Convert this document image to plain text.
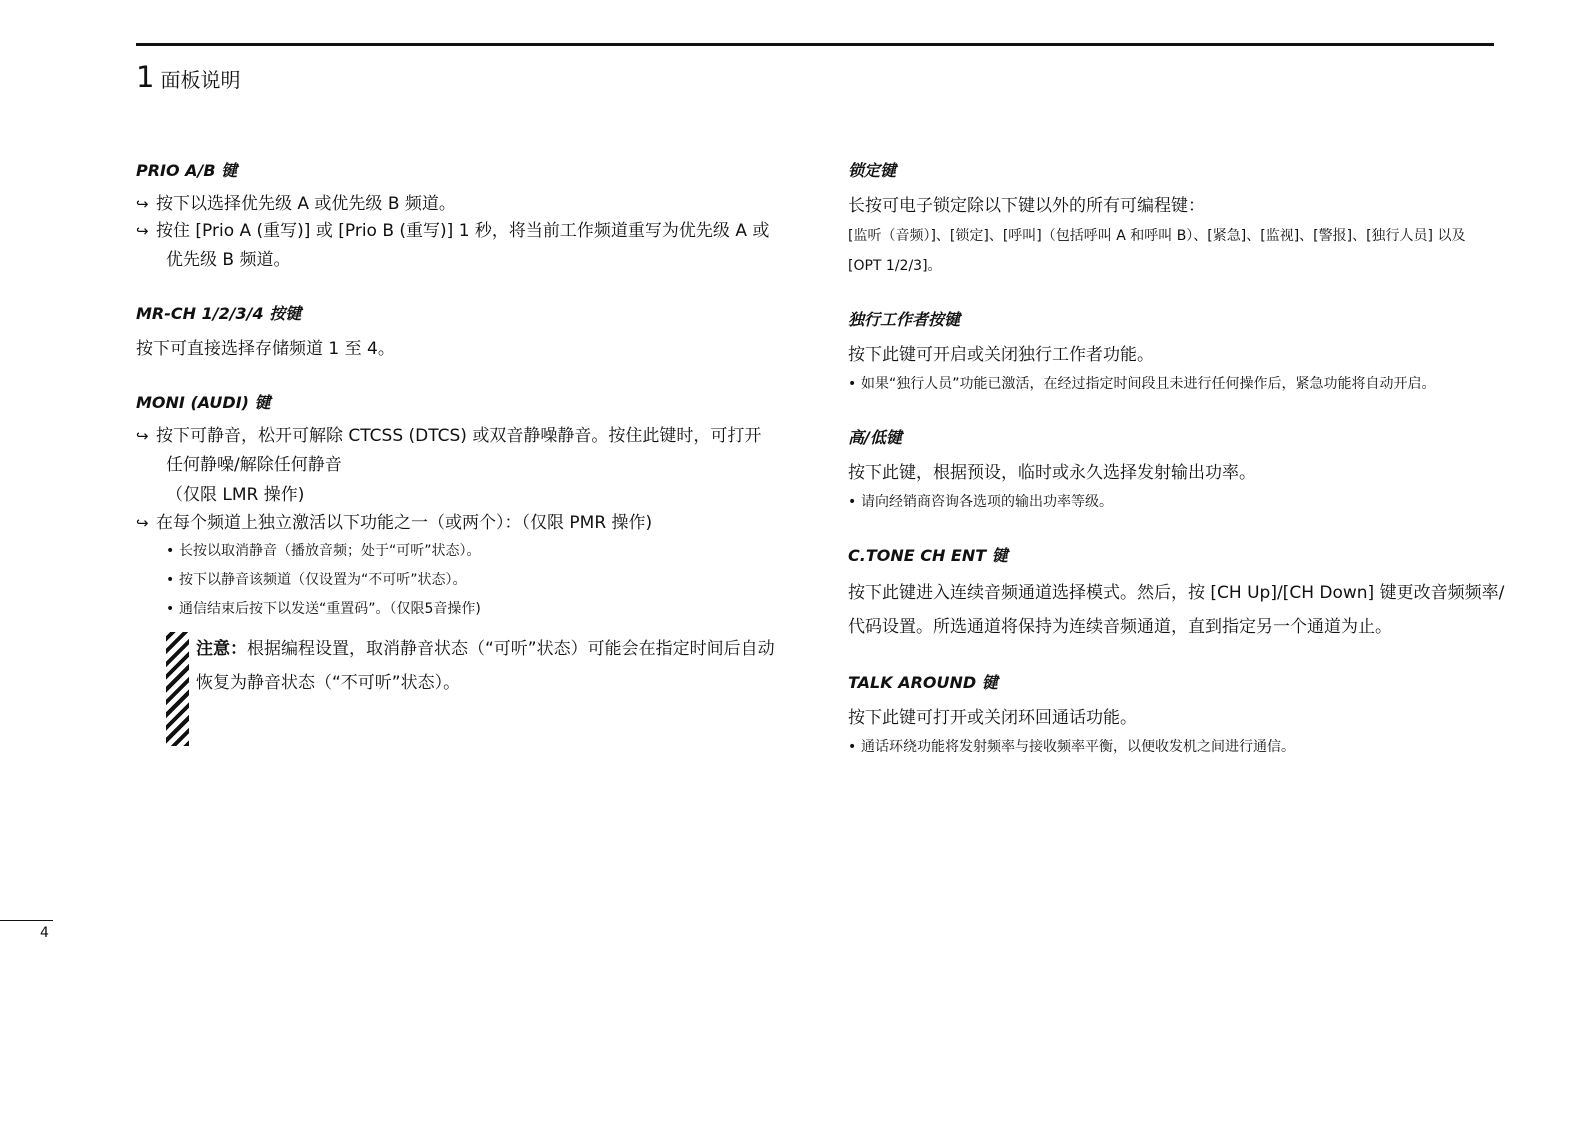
1 面板说明
PRIO A/B 键
↪ 按下以选择优先级 A 或优先级 B 频道。
↪ 按住 [Prio A (重写)] 或 [Prio B (重写)] 1 秒，将当前工作频道重写为优先级 A 或
优先级 B 频道。
MR-CH 1/2/3/4 按键
按下可直接选择存储频道 1 至 4。
MONI (AUDI) 键
↪ 按下可静音，松开可解除 CTCSS (DTCS) 或双音静噪静音。按住此键时，可打开
任何静噪/解除任何静音
（仅限 LMR 操作)
↪ 在每个频道上独立激活以下功能之一（或两个）：（仅限 PMR 操作)
• 长按以取消静音（播放音频；处于“可听”状态）。
• 按下以静音该频道（仅设置为“不可听”状态）。
• 通信结束后按下以发送“重置码”。（仅限5音操作)
注意：根据编程设置，取消静音状态（“可听”状态）可能会在指定时间后自动
恢复为静音状态（“不可听”状态）。
锁定键
长按可电子锁定除以下键以外的所有可编程键：
[监听（音频）]、[锁定]、[呼叫]（包括呼叫 A 和呼叫 B）、[紧急]、[监视]、[警报]、[独行人员] 以及
[OPT 1/2/3]。
独行工作者按键
按下此键可开启或关闭独行工作者功能。
• 如果“独行人员”功能已激活，在经过指定时间段且未进行任何操作后，紧急功能将自动开启。
高/低键
按下此键，根据预设，临时或永久选择发射输出功率。
• 请向经销商咨询各选项的输出功率等级。
C.TONE CH ENT 键
按下此键进入连续音频通道选择模式。然后，按 [CH Up]/[CH Down] 键更改音频频率/
代码设置。所选通道将保持为连续音频通道，直到指定另一个通道为止。
TALK AROUND 键
按下此键可打开或关闭环回通话功能。
• 通话环绕功能将发射频率与接收频率平衡，以便收发机之间进行通信。
4
